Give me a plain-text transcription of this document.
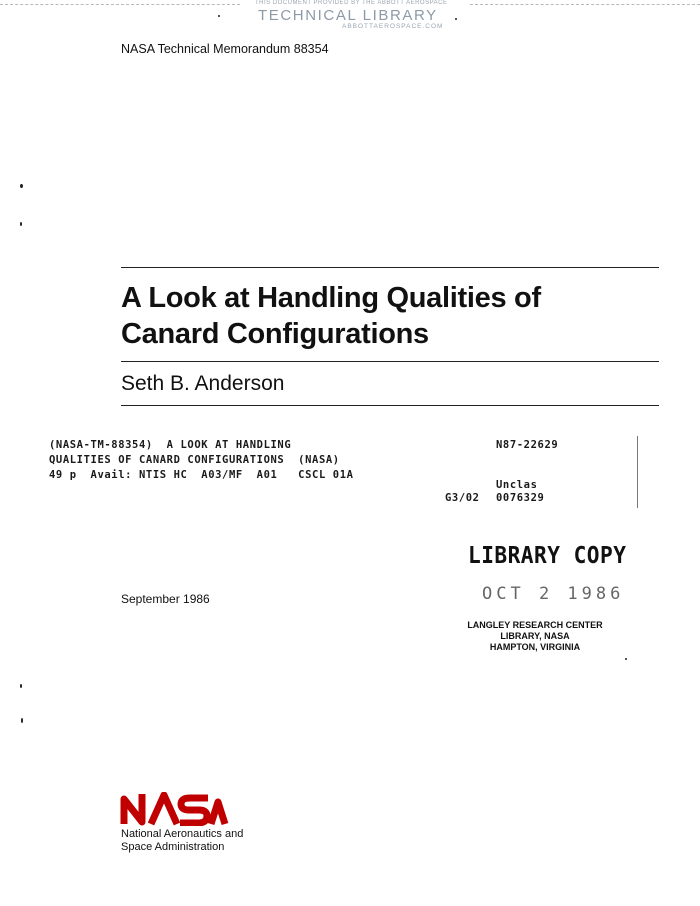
THIS DOCUMENT PROVIDED BY THE ABBOTT AEROSPACE
TECHNICAL LIBRARY
ABBOTTAEROSPACE.COM
NASA Technical Memorandum 88354
A Look at Handling Qualities of
Canard Configurations
Seth B. Anderson
(NASA-TM-88354)  A LOOK AT HANDLING
QUALITIES OF CANARD CONFIGURATIONS  (NASA)
49 p  Avail: NTIS HC  A03/MF  A01   CSCL 01A
N87-22629
Unclas
G3/02 0076329
LIBRARY COPY
OCT 2 1986
LANGLEY RESEARCH CENTER
LIBRARY, NASA
HAMPTON, VIRGINIA
September 1986
National Aeronautics and
Space Administration
